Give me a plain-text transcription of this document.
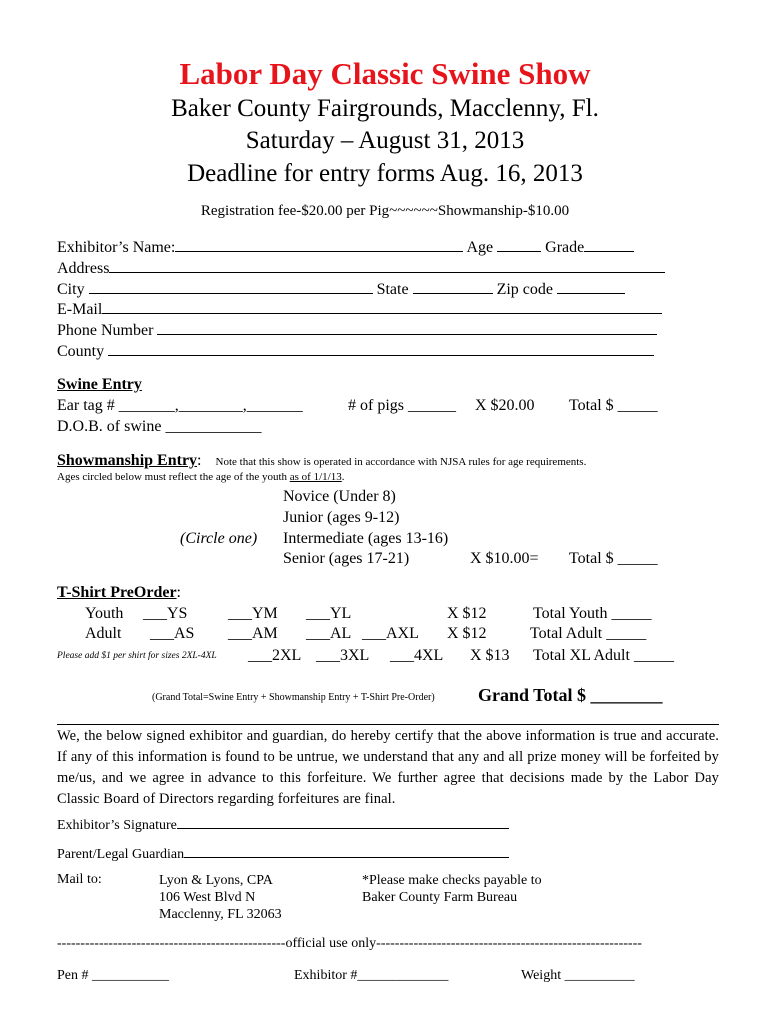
Labor Day Classic Swine Show
Baker County Fairgrounds, Macclenny, Fl.
Saturday – August 31, 2013
Deadline for entry forms Aug. 16, 2013
Registration fee-$20.00 per Pig~~~~~~Showmanship-$10.00
Exhibitor’s Name:	Age	Grade
Address
City	State	Zip code
E-Mail
Phone Number
County
Swine Entry
Ear tag # _______,________,_______	# of pigs ______ X $20.00 Total $ _____
D.O.B. of swine ____________
Showmanship Entry: Note that this show is operated in accordance with NJSA rules for age requirements.
Ages circled below must reflect the age of the youth as of 1/1/13.
Novice (Under 8)
Junior (ages 9-12)
(Circle one) Intermediate (ages 13-16)
Senior (ages 17-21)	X $10.00= Total $ _____
T-Shirt PreOrder:
Youth ___YS	___YM ___YL	X $12	Total Youth _____
Adult ___AS ___AM ___AL ___AXL X $12	Total Adult _____
Please add $1 per shirt for sizes 2XL-4XL ___2XL ___3XL ___4XL X $13 Total XL Adult _____
(Grand Total=Swine Entry + Showmanship Entry + T-Shirt Pre-Order) Grand Total $ ________
We, the below signed exhibitor and guardian, do hereby certify that the above information is true and accurate. If any of this information is found to be untrue, we understand that any and all prize money will be forfeited by me/us, and we agree in advance to this forfeiture. We further agree that decisions made by the Labor Day Classic Board of Directors regarding forfeitures are final.
Exhibitor’s Signature
Parent/Legal Guardian
Mail to:	Lyon & Lyons, CPA
106 West Blvd N
Macclenny, FL 32063
*Please make checks payable to
Baker County Farm Bureau
-------------------------------------------------official use only---------------------------------------------------------
Pen # ___________	Exhibitor #_____________	Weight __________
